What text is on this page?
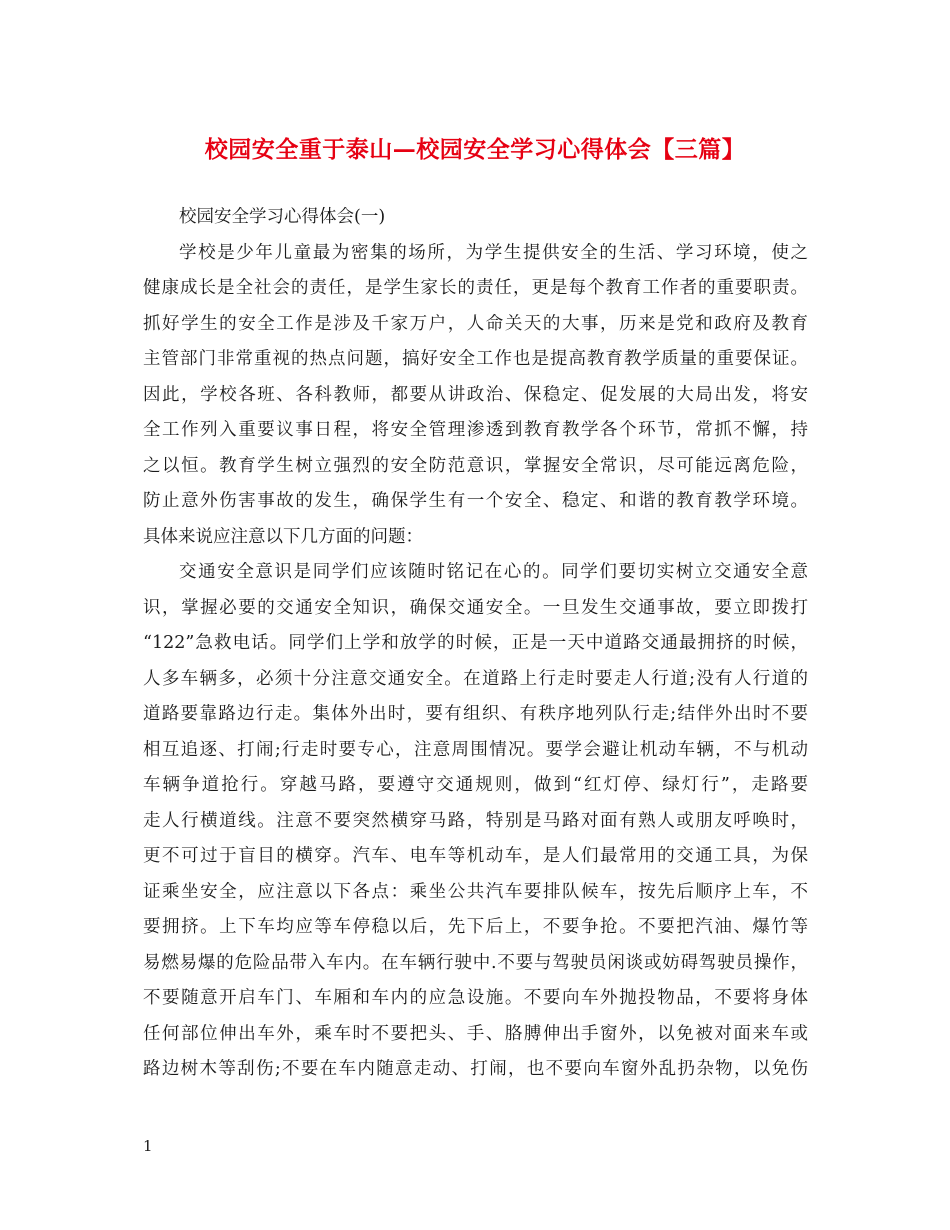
校园安全重于泰山—校园安全学习心得体会【三篇】
校园安全学习心得体会(一)
学校是少年儿童最为密集的场所，为学生提供安全的生活、学习环境，使之
健康成长是全社会的责任，是学生家长的责任，更是每个教育工作者的重要职责。
抓好学生的安全工作是涉及千家万户，人命关天的大事，历来是党和政府及教育
主管部门非常重视的热点问题，搞好安全工作也是提高教育教学质量的重要保证。
因此，学校各班、各科教师，都要从讲政治、保稳定、促发展的大局出发，将安
全工作列入重要议事日程，将安全管理渗透到教育教学各个环节，常抓不懈，持
之以恒。教育学生树立强烈的安全防范意识，掌握安全常识，尽可能远离危险，
防止意外伤害事故的发生，确保学生有一个安全、稳定、和谐的教育教学环境。
具体来说应注意以下几方面的问题：
交通安全意识是同学们应该随时铭记在心的。同学们要切实树立交通安全意
识，掌握必要的交通安全知识，确保交通安全。一旦发生交通事故，要立即拨打
“122”急救电话。同学们上学和放学的时候，正是一天中道路交通最拥挤的时候，
人多车辆多，必须十分注意交通安全。在道路上行走时要走人行道;没有人行道的
道路要靠路边行走。集体外出时，要有组织、有秩序地列队行走;结伴外出时不要
相互追逐、打闹;行走时要专心，注意周围情况。要学会避让机动车辆，不与机动
车辆争道抢行。穿越马路，要遵守交通规则，做到“红灯停、绿灯行”，走路要
走人行横道线。注意不要突然横穿马路，特别是马路对面有熟人或朋友呼唤时，
更不可过于盲目的横穿。汽车、电车等机动车，是人们最常用的交通工具，为保
证乘坐安全，应注意以下各点：乘坐公共汽车要排队候车，按先后顺序上车，不
要拥挤。上下车均应等车停稳以后，先下后上，不要争抢。不要把汽油、爆竹等
易燃易爆的危险品带入车内。在车辆行驶中.不要与驾驶员闲谈或妨碍驾驶员操作，
不要随意开启车门、车厢和车内的应急设施。不要向车外抛投物品，不要将身体
任何部位伸出车外，乘车时不要把头、手、胳膊伸出手窗外，以免被对面来车或
路边树木等刮伤;不要在车内随意走动、打闹，也不要向车窗外乱扔杂物，以免伤
1
